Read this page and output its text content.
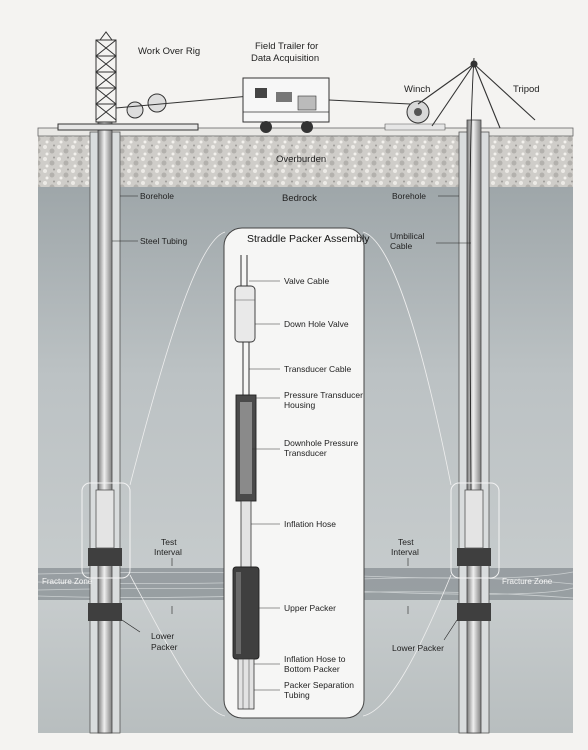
Work Over Rig	Field Trailer for
Data Acquisition
Winch	Tripod
Overburden
Borehole	Bedrock	Borehole
Steel Tubing	Umbilical
Cable
Straddle Packer Assembly
Valve Cable
Down Hole Valve
Transducer Cable
Pressure Transducer
Housing
Downhole Pressure
Transducer
Inflation Hose
Test
Interval
Test
Interval
Fracture Zone	Fracture Zone
Upper Packer
Lower
Packer	Lower Packer
Inflation Hose to
Bottom Packer
Packer Separation
Tubing
